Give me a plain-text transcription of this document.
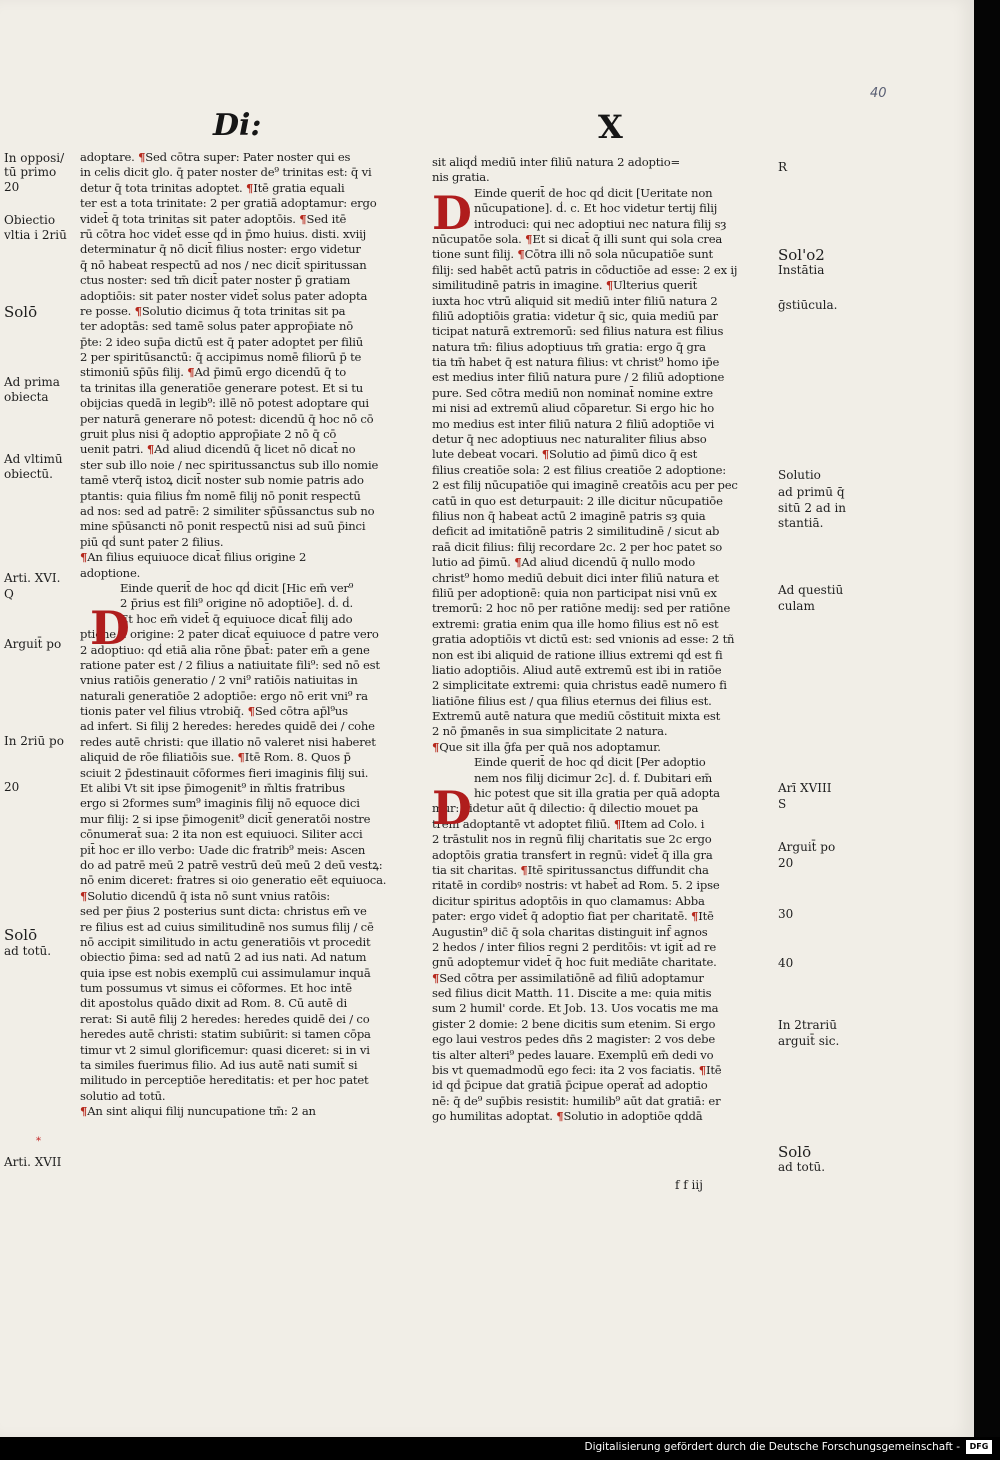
Di:	X
40
In opposi/
tū primo
20
Obiectio
vltia i 2riū
Solō
Ad prima
obiecta
Ad vltimū
obiectū.
Arti. XVI.
Q
Arguit̄ po
In 2riū po
20
Solō
ad totū.
Arti. XVII
R
Sol'o2
Instātia
ḡstiūcula.
Solutio
ad primū q̄
sitū 2 ad in
stantiā.
Ad questiū
culam
Arī XVIII
S
Arguit̄ po
20
30
40
In 2trariū
arguit̄ sic.
Solō
ad totū.
adoptare. ¶Sed cōtra super: Pater noster qui es
in celis dicit glo. q̄ pater noster de⁹ trinitas est: q̄ vi
detur q̄ tota trinitas adoptet. ¶Itē gratia equali
ter est a tota trinitate: 2 per gratiā adoptamur: ergo
videt̄ q̄ tota trinitas sit pater adoptōis. ¶Sed itē
rū cōtra hoc videt̄ esse qḋ in p̄mo huius. disti. xviij
determinatur q̄ nō dicit̄ filius noster: ergo videtur
q̄ nō habeat respectū ad nos / nec dicit̄ spiritussan
ctus noster: sed tm̄ dicit̄ pater noster p̄ gratiam
adoptiōis: sit pater noster videt̄ solus pater adopta
re posse. ¶Solutio dicimus q̄ tota trinitas sit pa
ter adoptās: sed tamē solus pater approp̄iate nō
p̄te: 2 ideo sup̄a dictū est q̄ pater adoptet per filiū
2 per spiritūsanctū: q̄ accipimus nomē filiorū p̄ te
stimoniū sp̄ūs filij. ¶Ad p̄imū ergo dicendū q̄ to
ta trinitas illa generatiōe generare potest. Et si tu
obijcias quedā in legib⁹: illē nō potest adoptare qui
per naturā generare nō potest: dicendū q̄ hoc nō cō
gruit plus nisi q̄ adoptio approp̄iate 2 nō q̄ cō
uenit patri. ¶Ad aliud dicendū q̄ licet nō dicat̄ no
ster sub illo noie / nec spiritussanctus sub illo nomie
tamē vterq̄ istoꝝ dicit̄ noster sub nomie patris ado
ptantis: quia filius ḟm nomē filij nō ponit respectū
ad nos: sed ad patrē: 2 similiter sp̄ūssanctus sub no
mine sp̄ūsancti nō ponit respectū nisi ad suū p̄inci
piū qḋ sunt pater 2 filius.
¶An filius equiuoce dicat̄ filius origine 2
adoptione.
Einde querit̄ de hoc qḋ dicit [Hic em̄ ver⁹
2 p̄rius est fili⁹ origine nō adoptiōe]. ḋ. ḋ.
Et hoc em̄ videt̄ q̄ equiuoce dicat̄ filij ado
ptione 2 origine: 2 pater dicat̄ equiuoce ḋ patre vero
2 adoptiuo: qḋ etiā alia rōne p̄bat̄: pater em̄ a gene
ratione pater est / 2 filius a natiuitate fili⁹: sed nō est
vnius ratiōis generatio / 2 vni⁹ ratiōis natiuitas in
naturali generatiōe 2 adoptiōe: ergo nō erit vni⁹ ra
tionis pater vel filius vtrobiq̄. ¶Sed cōtra ap̄l⁹us
ad infert. Si filij 2 heredes: heredes quidē dei / cohe
redes autē christi: que illatio nō valeret nisi haberet
aliquid de rōe filiatiōis sue. ¶Itē Rom. 8. Quos p̄
sciuit 2 p̄destinauit cōformes fieri imaginis filij sui.
Et alibi Vt sit ipse p̄imogenit⁹ in m̄ltis fratribus
ergo si 2formes sum⁹ imaginis filij nō equoce dici
mur filij: 2 si ipse p̄imogenit⁹ dicit̄ generatōi nostre
cōnumerat̄ sua: 2 ita non est equiuoci. Siliter acci
pit̄ hoc er illo verbo: Uade dic fratrib⁹ meis: Ascen
do ad patrē meū 2 patrē vestrū deū meū 2 deū vestꝝ:
nō enim diceret: fratres si oio generatio eēt equiuoca.
¶Solutio dicendū q̄ ista nō sunt vnius ratōis:
sed per p̄ius 2 posterius sunt dicta: christus em̄ ve
re filius est ad cuius similitudinē nos sumus filij / cē
nō accipit similitudo in actu generatiōis vt procedit
obiectio p̄ima: sed ad natū 2 ad ius nati. Ad natum
quia ipse est nobis exemplū cui assimulamur inquā
tum possumus vt simus ei cōformes. Et hoc intē
dit apostolus quādo dixit ad Rom. 8. Cū autē di
rerat: Si autē filij 2 heredes: heredes quidē dei / co
heredes autē christi: statim subiūrit: si tamen cōpa
timur vt 2 simul glorificemur: quasi diceret: si in vi
ta similes fuerimus filio. Ad ius autē nati sumit̄ si
militudo in perceptiōe hereditatis: et per hoc patet
solutio ad totū.
¶An sint aliqui filij nuncupatione tm̄: 2 an
sit aliqḋ mediū inter filiū natura 2 adoptio=
nis gratia.
Einde querit̄ de hoc qḋ dicit [Ueritate non
nūcupatione]. ḋ. c. Et hoc videtur tertij filij
introduci: qui nec adoptiui nec natura filij sȝ
nūcupatōe sola. ¶Et si dicat̄ q̄ illi sunt qui sola crea
tione sunt filij. ¶Cōtra illi nō sola nūcupatiōe sunt
filij: sed habēt actū patris in cōductiōe ad esse: 2 ex ij
similitudinē patris in imagine. ¶Ulterius querit̄
iuxta hoc vtrū aliquid sit mediū inter filiū natura 2
filiū adoptiōis gratia: videtur q̄ sic, quia mediū par
ticipat naturā extremorū: sed filius natura est filius
natura tm̄: filius adoptiuus tm̄ gratia: ergo q̄ gra
tia tm̄ habet q̄ est natura filius: vt christ⁹ homo ip̄e
est medius inter filiū natura pure / 2 filiū adoptione
pure. Sed cōtra mediū non nominat̄ nomine extre
mi nisi ad extremū aliud cōparetur. Si ergo hic ho
mo medius est inter filiū natura 2 filiū adoptiōe vi
detur q̄ nec adoptiuus nec naturaliter filius abso
lute debeat vocari. ¶Solutio ad p̄imū dico q̄ est
filius creatiōe sola: 2 est filius creatiōe 2 adoptione:
2 est filij nūcupatiōe qui imaginē creatōis acu per pec
catū in quo est deturpauit: 2 ille dicitur nūcupatiōe
filius non q̄ habeat actū 2 imaginē patris sȝ quia
deficit ad imitatiōnē patris 2 similitudinē / sicut ab
raā dicit filius: filij recordare 2c. 2 per hoc patet so
lutio ad p̄imū. ¶Ad aliud dicendū q̄ nullo modo
christ⁹ homo mediū debuit dici inter filiū natura et
filiū per adoptionē: quia non participat nisi vnū ex
tremorū: 2 hoc nō per ratiōne medij: sed per ratiōne
extremi: gratia enim qua ille homo filius est nō est
gratia adoptiōis vt dictū est: sed vnionis ad esse: 2 tñ
non est ibi aliquid de ratione illius extremi qḋ est fi
liatio adoptiōis. Aliud autē extremū est ibi in ratiōe
2 simplicitate extremi: quia christus eadē numero fi
liatiōne filius est / qua filius eternus dei filius est.
Extremū autē natura que mediū cōstituit mixta est
2 nō p̄manēs in sua simplicitate 2 natura.
¶Que sit illa ḡfa per quā nos adoptamur.
Einde querit̄ de hoc qḋ dicit [Per adoptio
nem nos filij dicimur 2c]. ḋ. f. Dubitari em̄
hic potest que sit illa gratia per quā adopta
mur: videtur aūt q̄ dilectio: q̄ dilectio mouet pa
trem adoptantē vt adoptet filiū. ¶Item ad Colo. i
2 trāstulit nos in regnū filij charitatis sue 2c ergo
adoptōis gratia transfert in regnū: videt̄ q̄ illa gra
tia sit charitas. ¶Itē spiritussanctus diffundit cha
ritatē in cordibꝰ nostris: vt habet̄ ad Rom. 5. 2 ipse
dicitur spiritus adoptōis in quo clamamus: Abba
pater: ergo videt̄ q̄ adoptio fiat per charitatē. ¶Itē
Augustin⁹ dic̄ q̄ sola charitas distinguit inf̄ agnos
2 hedos / inter filios regni 2 perditōis: vt igit̄ ad re
gnū adoptemur videt̄ q̄ hoc fuit mediāte charitate.
¶Sed cōtra per assimilatiōnē ad filiū adoptamur
sed filius dicit Matth. 11. Discite a me: quia mitis
sum 2 humil' corde. Et Job. 13. Uos vocatis me ma
gister 2 domie: 2 bene dicitis sum etenim. Si ergo
ego laui vestros pedes dn̄s 2 magister: 2 vos debe
tis alter alteri⁹ pedes lauare. Exemplū em̄ dedi vo
bis vt quemadmodū ego feci: ita 2 vos faciatis. ¶Itē
id qḋ p̄cipue dat gratiā p̄cipue operat̄ ad adoptio
nē: q̄ de⁹ sup̄bis resistit: humilib⁹ aūt dat gratiā: er
go humilitas adoptat. ¶Solutio in adoptiōe qddā
D
D
D
f f iij
*
Digitalisierung gefördert durch die Deutsche Forschungsgemeinschaft -	DFG
